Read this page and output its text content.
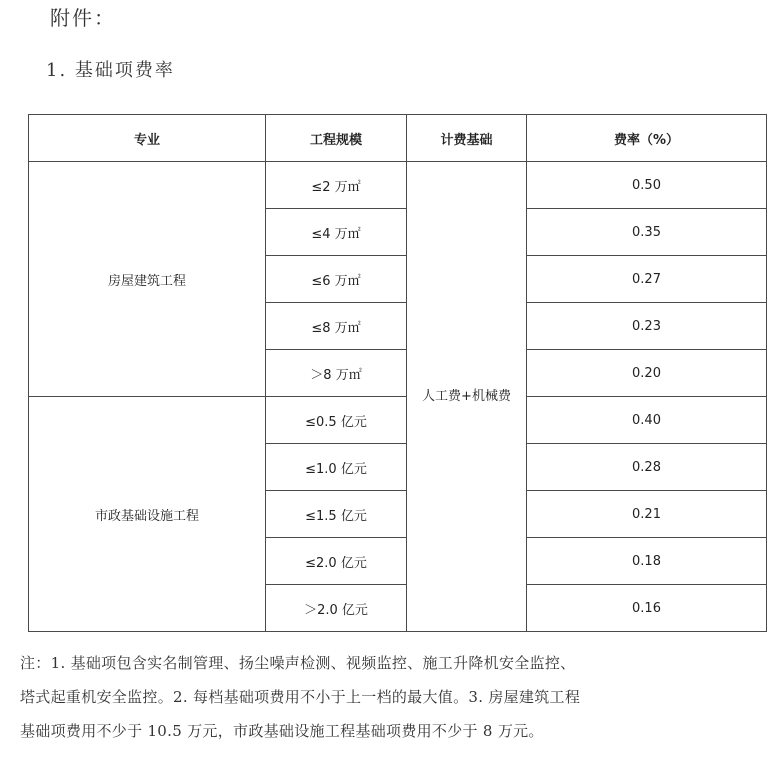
附件：
1. 基础项费率
专业	工程规模	计费基础	费率（%）
房屋建筑工程	≤2 万㎡	人工费+机械费	0.50
	≤4 万㎡		0.35
	≤6 万㎡		0.27
	≤8 万㎡		0.23
	＞8 万㎡		0.20
市政基础设施工程	≤0.5 亿元		0.40
	≤1.0 亿元		0.28
	≤1.5 亿元		0.21
	≤2.0 亿元		0.18
	＞2.0 亿元		0.16
注：1. 基础项包含实名制管理、扬尘噪声检测、视频监控、施工升降机安全监控、
塔式起重机安全监控。2. 每档基础项费用不小于上一档的最大值。3. 房屋建筑工程
基础项费用不少于 10.5 万元，市政基础设施工程基础项费用不少于 8 万元。
